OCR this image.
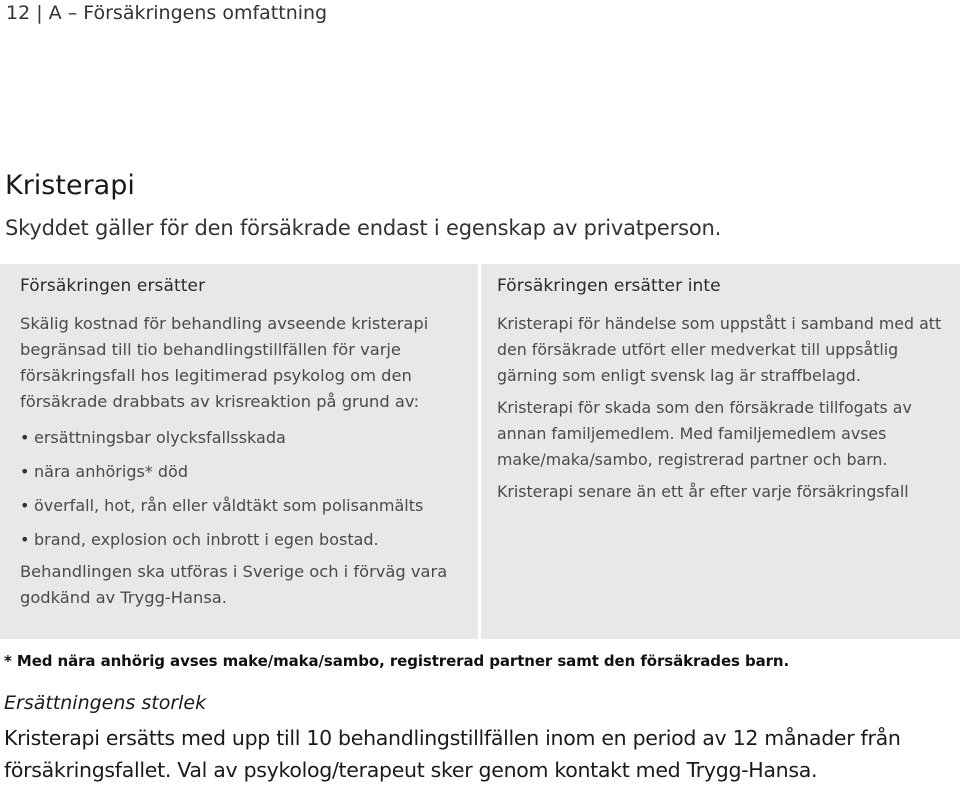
12 | A – Försäkringens omfattning
Kristerapi
Skyddet gäller för den försäkrade endast i egenskap av privatperson.
Försäkringen ersätter

Skälig kostnad för behandling avseende kristerapi begränsad till tio behandlingstillfällen för varje försäkringsfall hos legitimerad psykolog om den försäkrade drabbats av krisreaktion på grund av:

• ersättningsbar olycksfallsskada
• nära anhörigs* död
• överfall, hot, rån eller våldtäkt som polisanmälts
• brand, explosion och inbrott i egen bostad.

Behandlingen ska utföras i Sverige och i förväg vara godkänd av Trygg-Hansa.

Försäkringen ersätter inte

Kristerapi för händelse som uppstått i samband med att den försäkrade utfört eller medverkat till uppsåtlig gärning som enligt svensk lag är straffbelagd.

Kristerapi för skada som den försäkrade tillfogats av annan familjemedlem. Med familjemedlem avses make/maka/sambo, registrerad partner och barn.

Kristerapi senare än ett år efter varje försäkringsfall

* Med nära anhörig avses make/maka/sambo, registrerad partner samt den försäkrades barn.
Ersättningens storlek
Kristerapi ersätts med upp till 10 behandlingstillfällen inom en period av 12 månader från försäkringsfallet. Val av psykolog/terapeut sker genom kontakt med Trygg-Hansa.
